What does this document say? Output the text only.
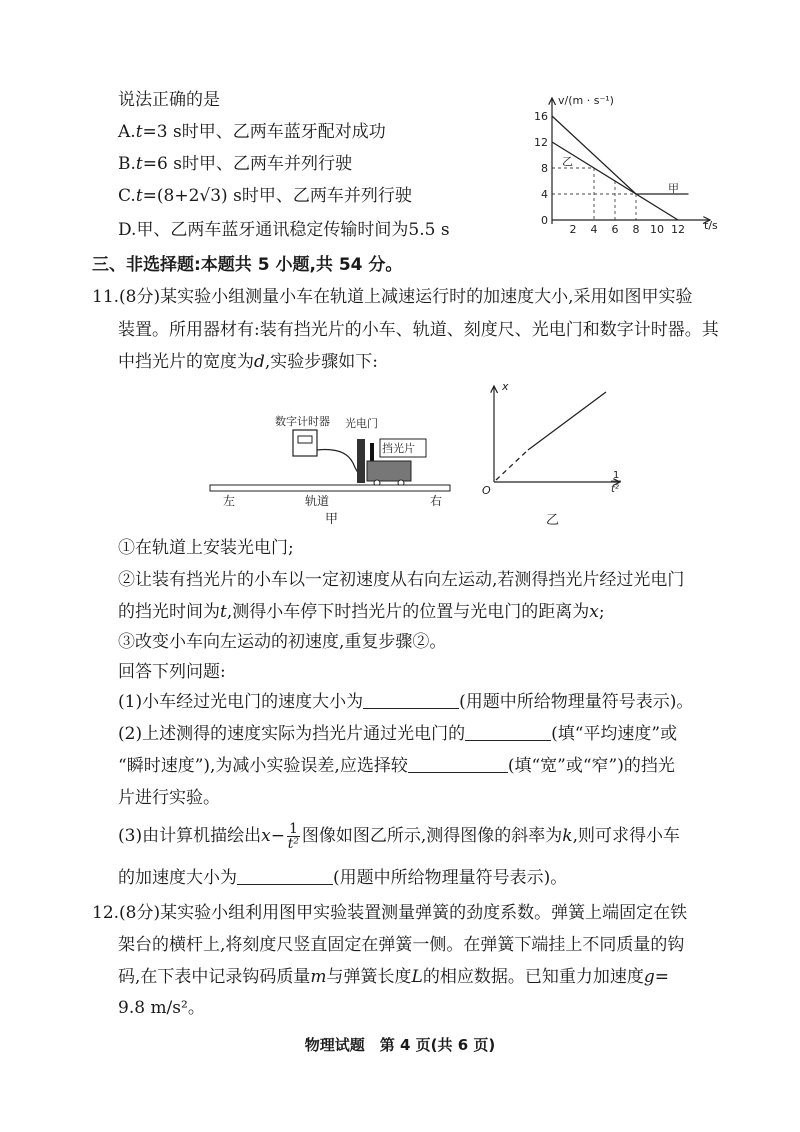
说法正确的是
A.t=3 s时甲、乙两车蓝牙配对成功
B.t=6 s时甲、乙两车并列行驶
C.t=(8+2√3) s时甲、乙两车并列行驶
D.甲、乙两车蓝牙通讯稳定传输时间为5.5 s
v/(m · s⁻¹)
t/s
16
12
8
4
0
2 4 6 8 10 12
甲
乙
三、非选择题:本题共 5 小题,共 54 分。
11.(8分)某实验小组测量小车在轨道上减速运行时的加速度大小,采用如图甲实验
装置。所用器材有:装有挡光片的小车、轨道、刻度尺、光电门和数字计时器。其
中挡光片的宽度为d,实验步骤如下:
数字计时器 光电门
挡光片
左	轨道	右
甲
x
O
1
t²
乙
①在轨道上安装光电门;
②让装有挡光片的小车以一定初速度从右向左运动,若测得挡光片经过光电门
的挡光时间为t,测得小车停下时挡光片的位置与光电门的距离为x;
③改变小车向左运动的初速度,重复步骤②。
回答下列问题:
(1)小车经过光电门的速度大小为	(用题中所给物理量符号表示)。
(2)上述测得的速度实际为挡光片通过光电门的	(填“平均速度”或
“瞬时速度”),为减小实验误差,应选择较	(填“宽”或“窄”)的挡光
片进行实验。
(3)由计算机描绘出$x- \frac{1}{\text{t²}}$ 图像如图乙所示,测得图像的斜率为k,则可求得小车
的加速度大小为	(用题中所给物理量符号表示)。
12.(8分)某实验小组利用图甲实验装置测量弹簧的劲度系数。弹簧上端固定在铁
架台的横杆上,将刻度尺竖直固定在弹簧一侧。在弹簧下端挂上不同质量的钩
码,在下表中记录钩码质量m与弹簧长度L的相应数据。已知重力加速度g=
9.8 m/s²。
物理试题　第 4 页(共 6 页)
